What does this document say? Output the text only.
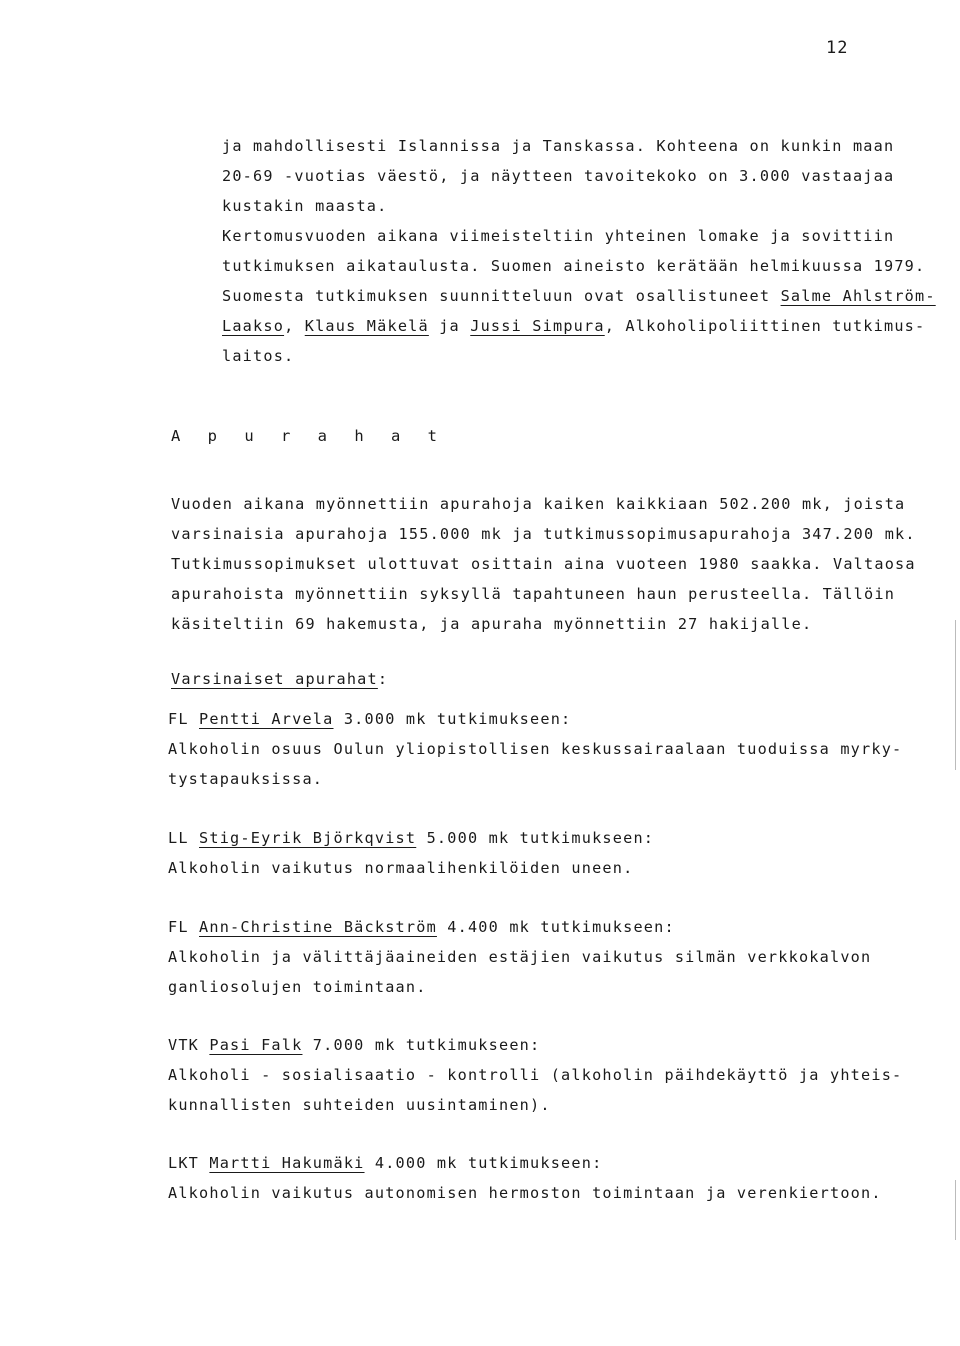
12
ja mahdollisesti Islannissa ja Tanskassa. Kohteena on kunkin maan
20-69 -vuotias väestö, ja näytteen tavoitekoko on 3.000 vastaajaa
kustakin maasta.
Kertomusvuoden aikana viimeisteltiin yhteinen lomake ja sovittiin
tutkimuksen aikataulusta. Suomen aineisto kerätään helmikuussa 1979.
Suomesta tutkimuksen suunnitteluun ovat osallistuneet Salme Ahlström-
Laakso, Klaus Mäkelä ja Jussi Simpura, Alkoholipoliittinen tutkimus-
laitos.
A p u r a h a t
Vuoden aikana myönnettiin apurahoja kaiken kaikkiaan 502.200 mk, joista
varsinaisia apurahoja 155.000 mk ja tutkimussopimusapurahoja 347.200 mk.
Tutkimussopimukset ulottuvat osittain aina vuoteen 1980 saakka. Valtaosa
apurahoista myönnettiin syksyllä tapahtuneen haun perusteella. Tällöin
käsiteltiin 69 hakemusta, ja apuraha myönnettiin 27 hakijalle.
Varsinaiset apurahat:
FL Pentti Arvela 3.000 mk tutkimukseen:
Alkoholin osuus Oulun yliopistollisen keskussairaalaan tuoduissa myrky-
tystapauksissa.
LL Stig-Eyrik Björkqvist 5.000 mk tutkimukseen:
Alkoholin vaikutus normaalihenkilöiden uneen.
FL Ann-Christine Bäckström 4.400 mk tutkimukseen:
Alkoholin ja välittäjäaineiden estäjien vaikutus silmän verkkokalvon
ganliosolujen toimintaan.
VTK Pasi Falk 7.000 mk tutkimukseen:
Alkoholi - sosialisaatio - kontrolli (alkoholin päihdekäyttö ja yhteis-
kunnallisten suhteiden uusintaminen).
LKT Martti Hakumäki 4.000 mk tutkimukseen:
Alkoholin vaikutus autonomisen hermoston toimintaan ja verenkiertoon.
